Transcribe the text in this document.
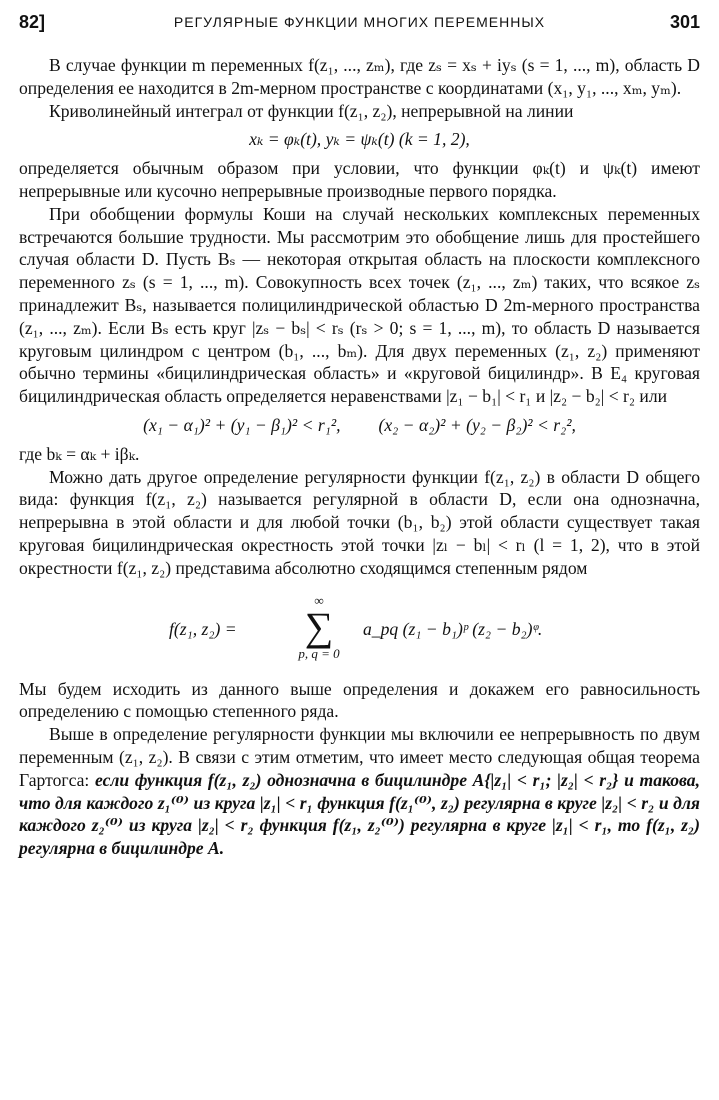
82]	РЕГУЛЯРНЫЕ ФУНКЦИИ МНОГИХ ПЕРЕМЕННЫХ	301

В случае функции m переменных f(z₁, ..., zₘ), где zₛ = xₛ + iyₛ (s = 1, ..., m), область D определения ее находится в 2m-мерном пространстве с координатами (x₁, y₁, ..., xₘ, yₘ).

Криволинейный интеграл от функции f(z₁, z₂), непрерывной на линии

xₖ = φₖ(t), yₖ = ψₖ(t) (k = 1, 2),

определяется обычным образом при условии, что функции φₖ(t) и ψₖ(t) имеют непрерывные или кусочно непрерывные производные первого порядка.

При обобщении формулы Коши на случай нескольких комплексных переменных встречаются большие трудности. Мы рассмотрим это обобщение лишь для простейшего случая области D. Пусть Bₛ — некоторая открытая область на плоскости комплексного переменного zₛ (s = 1, ..., m). Совокупность всех точек (z₁, ..., zₘ) таких, что всякое zₛ принадлежит Bₛ, называется полицилиндрической областью D 2m-мерного пространства (z₁, ..., zₘ). Если Bₛ есть круг |zₛ − bₛ| < rₛ (rₛ > 0; s = 1, ..., m), то область D называется круговым цилиндром с центром (b₁, ..., bₘ). Для двух переменных (z₁, z₂) применяют обычно термины «бицилиндрическая область» и «круговой бицилиндр». В E₄ круговая бицилиндрическая область определяется неравенствами |z₁ − b₁| < r₁ и |z₂ − b₂| < r₂ или

(x₁ − α₁)² + (y₁ − β₁)² < r₁², (x₂ − α₂)² + (y₂ − β₂)² < r₂²,

где bₖ = αₖ + iβₖ.

Можно дать другое определение регулярности функции f(z₁, z₂) в области D общего вида: функция f(z₁, z₂) называется регулярной в области D, если она однозначна, непрерывна в этой области и для любой точки (b₁, b₂) этой области существует такая круговая бицилиндрическая окрестность этой точки |zₗ − bₗ| < rₗ (l = 1, 2), что в этой окрестности f(z₁, z₂) представима абсолютно сходящимся степенным рядом

f(z₁, z₂) =
∞
∑
p, q = 0
a_pq (z₁ − b₁)ᵖ (z₂ − b₂)ᵠ.

Мы будем исходить из данного выше определения и докажем его равносильность определению с помощью степенного ряда.

Выше в определение регулярности функции мы включили ее непрерывность по двум переменным (z₁, z₂). В связи с этим отметим, что имеет место следующая общая теорема Гартогса: если функция f(z₁, z₂) однозначна в бицилиндре A{|z₁| < r₁; |z₂| < r₂} и такова, что для каждого z₁⁽⁰⁾ из круга |z₁| < r₁ функция f(z₁⁽⁰⁾, z₂) регулярна в круге |z₂| < r₂ и для каждого z₂⁽⁰⁾ из круга |z₂| < r₂ функция f(z₁, z₂⁽⁰⁾) регулярна в круге |z₁| < r₁, то f(z₁, z₂) регулярна в бицилиндре A.
